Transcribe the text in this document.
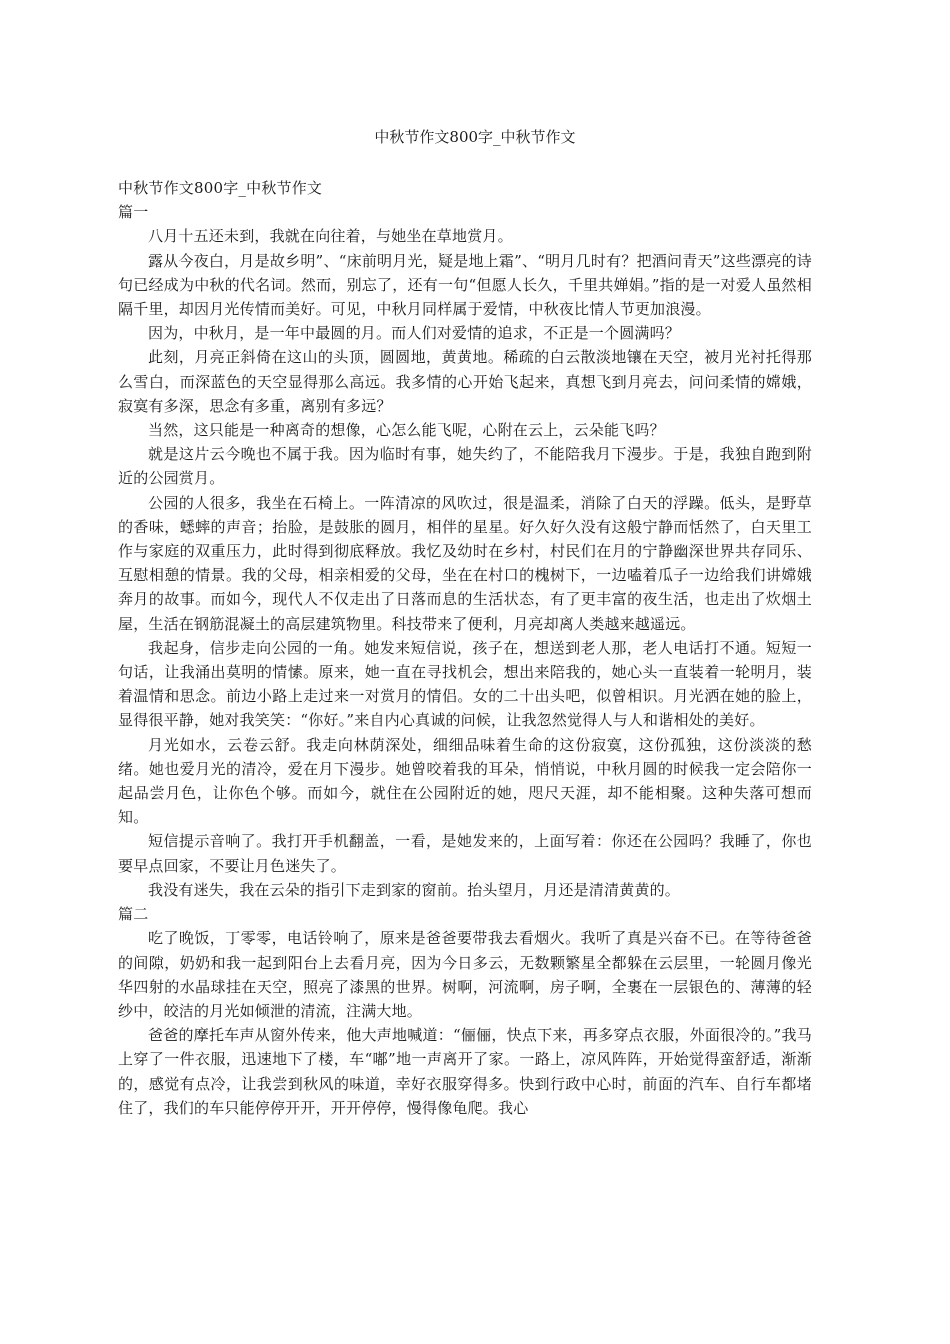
中秋节作文800字_中秋节作文

中秋节作文800字_中秋节作文

篇一

八月十五还未到，我就在向往着，与她坐在草地赏月。

露从今夜白，月是故乡明”、“床前明月光，疑是地上霜”、“明月几时有？把酒问青天”这些漂亮的诗句已经成为中秋的代名词。然而，别忘了，还有一句“但愿人长久，千里共婵娟。”指的是一对爱人虽然相隔千里，却因月光传情而美好。可见，中秋月同样属于爱情，中秋夜比情人节更加浪漫。

因为，中秋月，是一年中最圆的月。而人们对爱情的追求，不正是一个圆满吗？

此刻，月亮正斜倚在这山的头顶，圆圆地，黄黄地。稀疏的白云散淡地镶在天空，被月光衬托得那么雪白，而深蓝色的天空显得那么高远。我多情的心开始飞起来，真想飞到月亮去，问问柔情的嫦娥，寂寞有多深，思念有多重，离别有多远？

当然，这只能是一种离奇的想像，心怎么能飞呢，心附在云上，云朵能飞吗？

就是这片云今晚也不属于我。因为临时有事，她失约了，不能陪我月下漫步。于是，我独自跑到附近的公园赏月。

公园的人很多，我坐在石椅上。一阵清凉的风吹过，很是温柔，消除了白天的浮躁。低头，是野草的香味，蟋蟀的声音；抬脸，是鼓胀的圆月，相伴的星星。好久好久没有这般宁静而恬然了，白天里工作与家庭的双重压力，此时得到彻底释放。我忆及幼时在乡村，村民们在月的宁静幽深世界共存同乐、互慰相憩的情景。我的父母，相亲相爱的父母，坐在在村口的槐树下，一边嗑着瓜子一边给我们讲嫦娥奔月的故事。而如今，现代人不仅走出了日落而息的生活状态，有了更丰富的夜生活，也走出了炊烟土屋，生活在钢筋混凝土的高层建筑物里。科技带来了便利，月亮却离人类越来越遥远。

我起身，信步走向公园的一角。她发来短信说，孩子在，想送到老人那，老人电话打不通。短短一句话，让我涌出莫明的情愫。原来，她一直在寻找机会，想出来陪我的，她心头一直装着一轮明月，装着温情和思念。前边小路上走过来一对赏月的情侣。女的二十出头吧，似曾相识。月光洒在她的脸上，显得很平静，她对我笑笑：“你好。”来自内心真诚的问候，让我忽然觉得人与人和谐相处的美好。

月光如水，云卷云舒。我走向林荫深处，细细品味着生命的这份寂寞，这份孤独，这份淡淡的愁绪。她也爱月光的清冷，爱在月下漫步。她曾咬着我的耳朵，悄悄说，中秋月圆的时候我一定会陪你一起品尝月色，让你色个够。而如今，就住在公园附近的她，咫尺天涯，却不能相聚。这种失落可想而知。

短信提示音响了。我打开手机翻盖，一看，是她发来的，上面写着：你还在公园吗？我睡了，你也要早点回家，不要让月色迷失了。

我没有迷失，我在云朵的指引下走到家的窗前。抬头望月，月还是清清黄黄的。

篇二

吃了晚饭，丁零零，电话铃响了，原来是爸爸要带我去看烟火。我听了真是兴奋不已。在等待爸爸的间隙，奶奶和我一起到阳台上去看月亮，因为今日多云，无数颗繁星全都躲在云层里，一轮圆月像光华四射的水晶球挂在天空，照亮了漆黑的世界。树啊，河流啊，房子啊，全裹在一层银色的、薄薄的轻纱中，皎洁的月光如倾泄的清流，注满大地。

爸爸的摩托车声从窗外传来，他大声地喊道：“俪俪，快点下来，再多穿点衣服，外面很冷的。”我马上穿了一件衣服，迅速地下了楼，车“嘟”地一声离开了家。一路上，凉风阵阵，开始觉得蛮舒适，渐渐的，感觉有点冷，让我尝到秋风的味道，幸好衣服穿得多。快到行政中心时，前面的汽车、自行车都堵住了，我们的车只能停停开开，开开停停，慢得像龟爬。我心
